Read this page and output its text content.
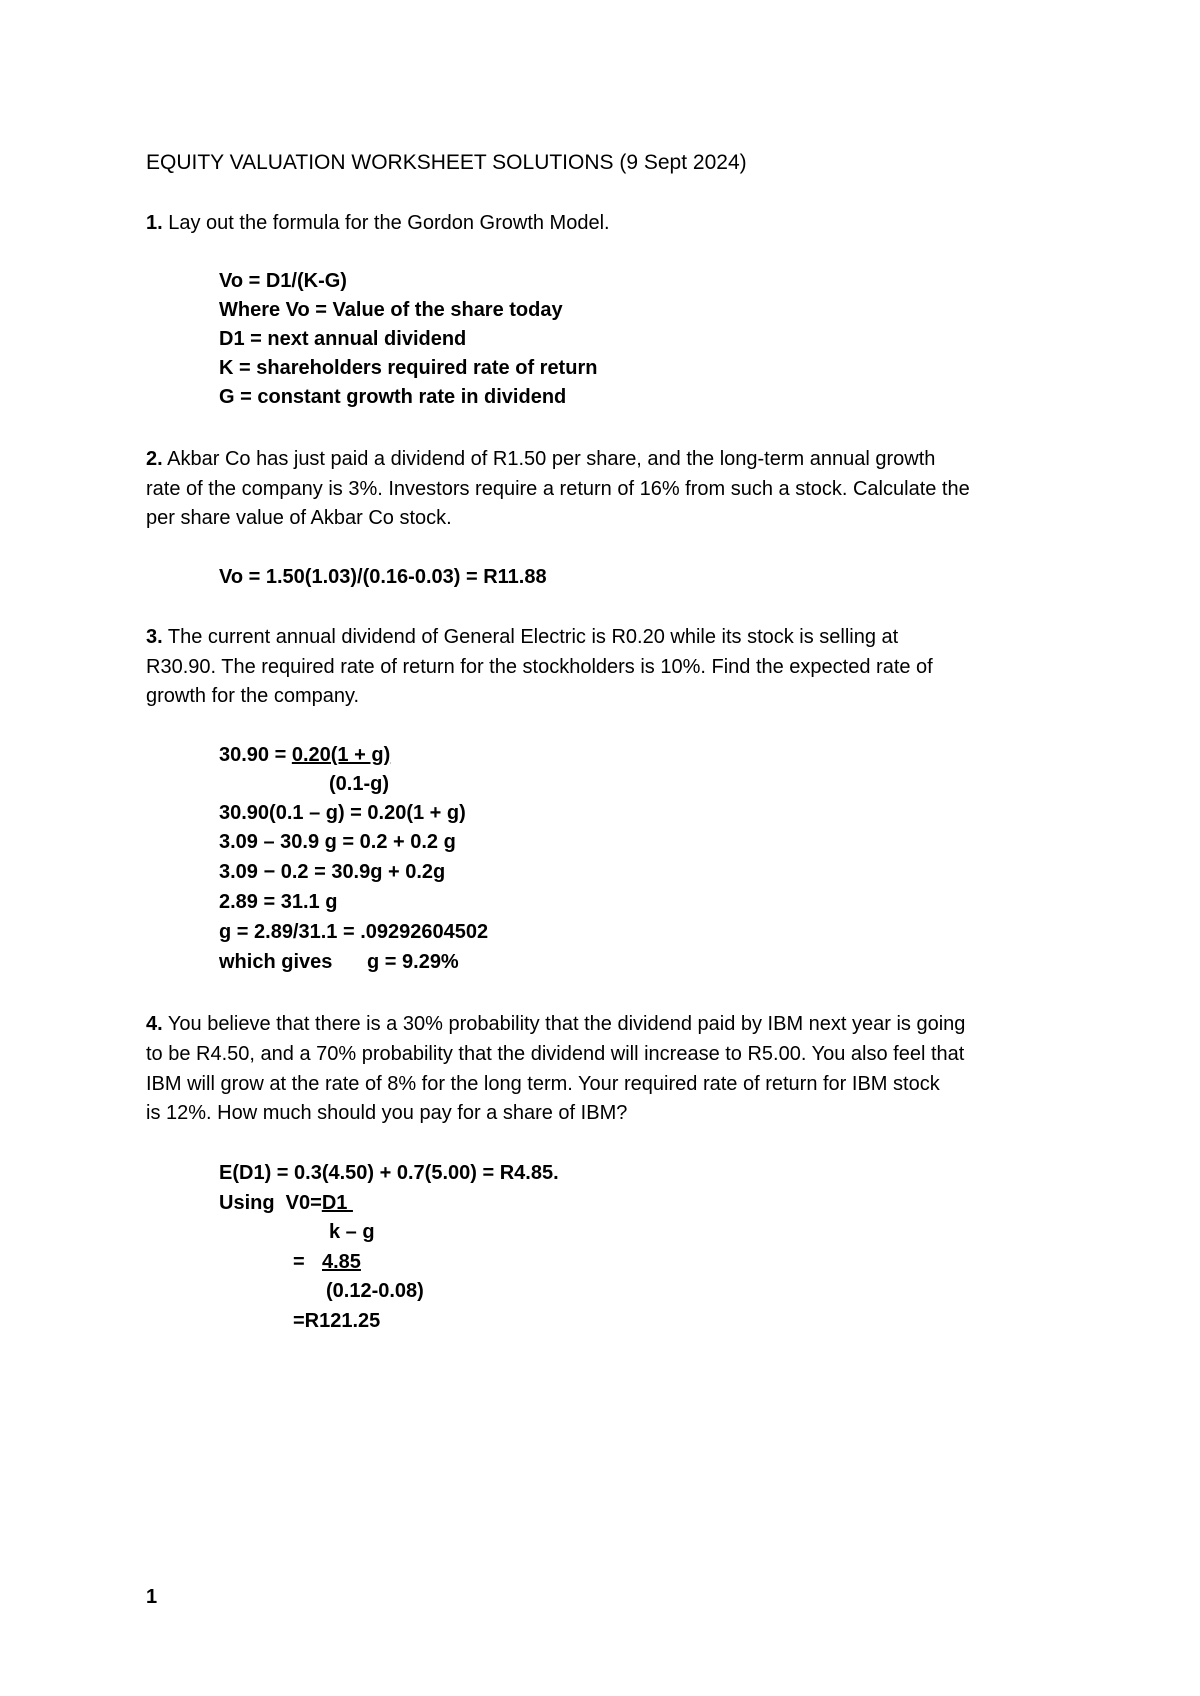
EQUITY VALUATION WORKSHEET SOLUTIONS (9 Sept 2024)
1. Lay out the formula for the Gordon Growth Model.
Vo = D1/(K-G)
Where Vo = Value of the share today
D1 = next annual dividend
K = shareholders required rate of return
G = constant growth rate in dividend
2. Akbar Co has just paid a dividend of R1.50 per share, and the long-term annual growth
rate of the company is 3%. Investors require a return of 16% from such a stock. Calculate the
per share value of Akbar Co stock.
Vo = 1.50(1.03)/(0.16-0.03) = R11.88
3. The current annual dividend of General Electric is R0.20 while its stock is selling at
R30.90. The required rate of return for the stockholders is 10%. Find the expected rate of
growth for the company.
30.90 = 0.20(1 + g)
(0.1-g)
30.90(0.1 – g) = 0.20(1 + g)
3.09 – 30.9 g = 0.2 + 0.2 g
3.09 − 0.2 = 30.9g + 0.2g
2.89 = 31.1 g
g = 2.89/31.1 = .09292604502
which gives g = 9.29%
4. You believe that there is a 30% probability that the dividend paid by IBM next year is going
to be R4.50, and a 70% probability that the dividend will increase to R5.00. You also feel that
IBM will grow at the rate of 8% for the long term. Your required rate of return for IBM stock
is 12%. How much should you pay for a share of IBM?
E(D1) = 0.3(4.50) + 0.7(5.00) = R4.85.
Using  V0=D1
k – g
= 4.85
(0.12-0.08)
=R121.25
1
